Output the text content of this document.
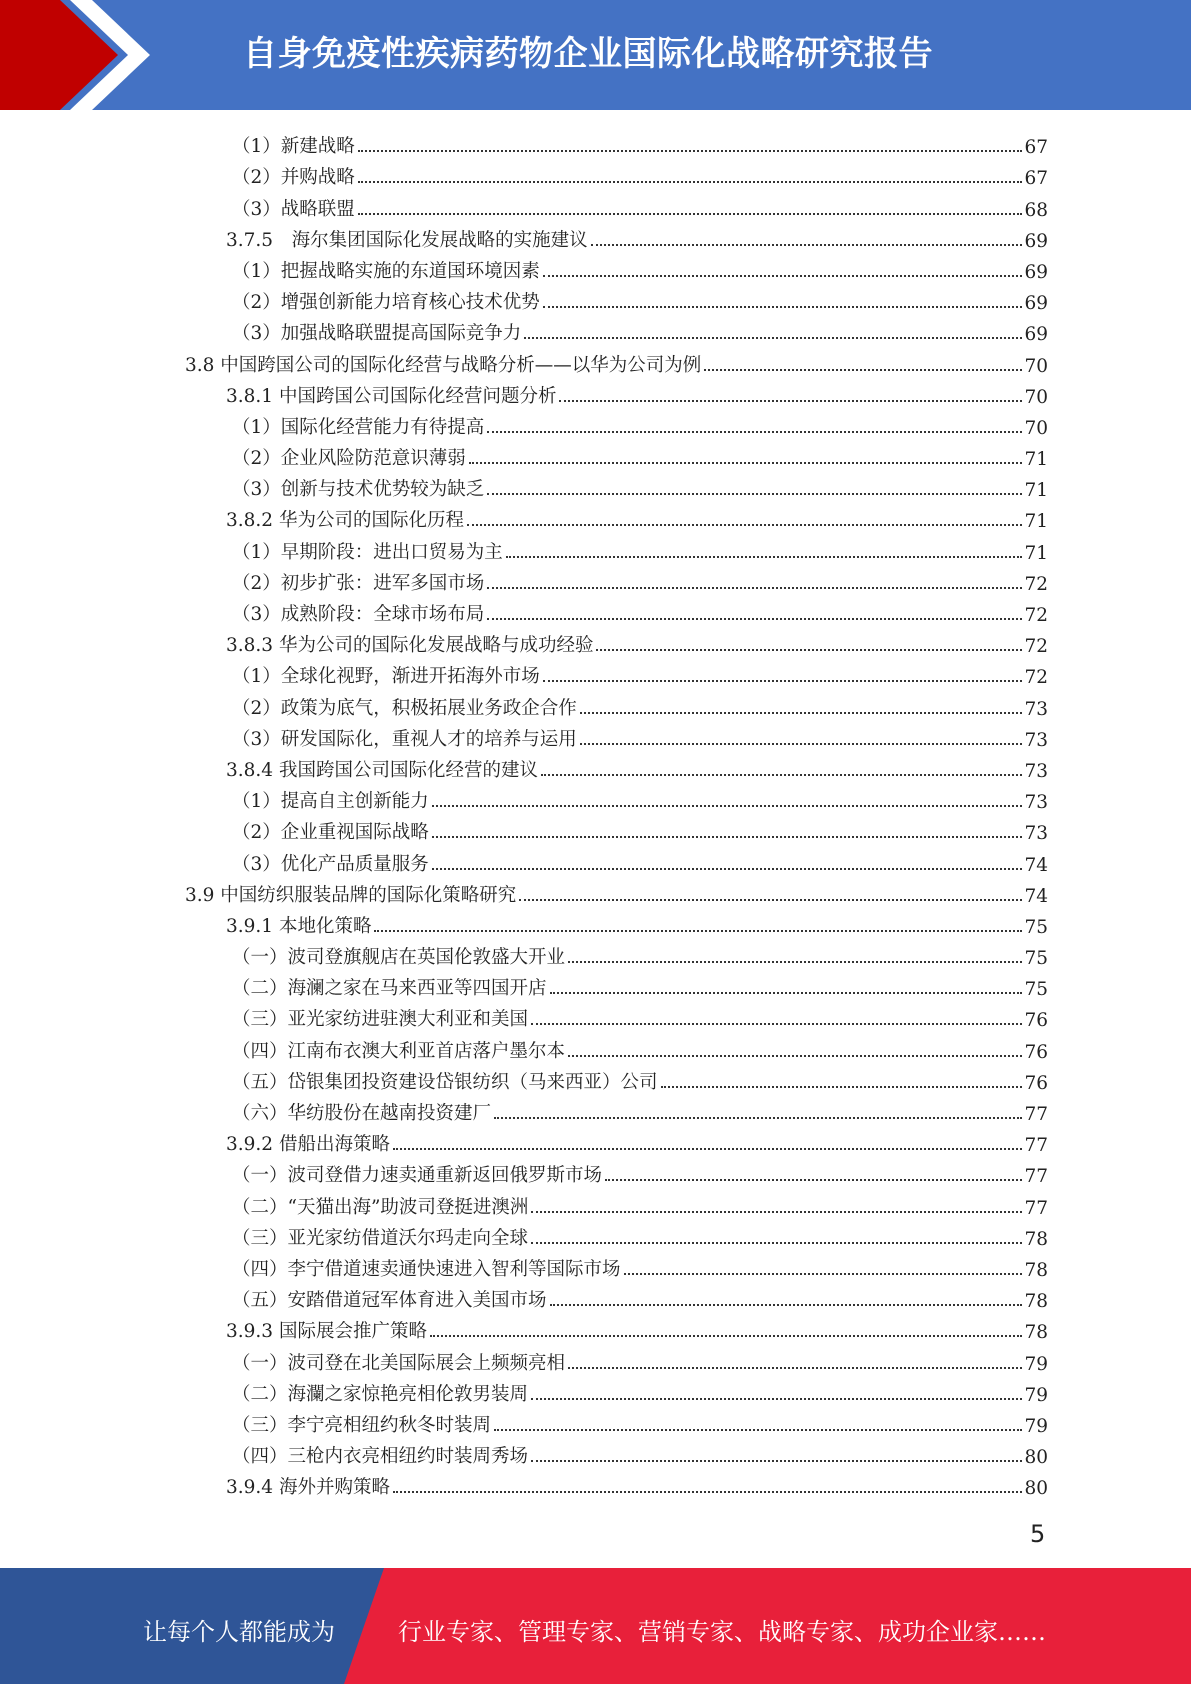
自身免疫性疾病药物企业国际化战略研究报告
（1）新建战略	67
（2）并购战略	67
（3）战略联盟	68
3.7.5　海尔集团国际化发展战略的实施建议	69
（1）把握战略实施的东道国环境因素	69
（2）增强创新能力培育核心技术优势	69
（3）加强战略联盟提高国际竞争力	69
3.8 中国跨国公司的国际化经营与战略分析——以华为公司为例	70
3.8.1 中国跨国公司国际化经营问题分析	70
（1）国际化经营能力有待提高	70
（2）企业风险防范意识薄弱	71
（3）创新与技术优势较为缺乏	71
3.8.2 华为公司的国际化历程	71
（1）早期阶段：进出口贸易为主	71
（2）初步扩张：进军多国市场	72
（3）成熟阶段：全球市场布局	72
3.8.3 华为公司的国际化发展战略与成功经验	72
（1）全球化视野，渐进开拓海外市场	72
（2）政策为底气，积极拓展业务政企合作	73
（3）研发国际化，重视人才的培养与运用	73
3.8.4 我国跨国公司国际化经营的建议	73
（1）提高自主创新能力	73
（2）企业重视国际战略	73
（3）优化产品质量服务	74
3.9 中国纺织服装品牌的国际化策略研究	74
3.9.1 本地化策略	75
（一）波司登旗舰店在英国伦敦盛大开业	75
（二）海澜之家在马来西亚等四国开店	75
（三）亚光家纺进驻澳大利亚和美国	76
（四）江南布衣澳大利亚首店落户墨尔本	76
（五）岱银集团投资建设岱银纺织（马来西亚）公司	76
（六）华纺股份在越南投资建厂	77
3.9.2 借船出海策略	77
（一）波司登借力速卖通重新返回俄罗斯市场	77
（二）“天猫出海”助波司登挺进澳洲	77
（三）亚光家纺借道沃尔玛走向全球	78
（四）李宁借道速卖通快速进入智利等国际市场	78
（五）安踏借道冠军体育进入美国市场	78
3.9.3 国际展会推广策略	78
（一）波司登在北美国际展会上频频亮相	79
（二）海瀾之家惊艳亮相伦敦男装周	79
（三）李宁亮相纽约秋冬时装周	79
（四）三枪内衣亮相纽约时装周秀场	80
3.9.4 海外并购策略	80
5
让每个人都能成为	行业专家、管理专家、营销专家、战略专家、成功企业家……
